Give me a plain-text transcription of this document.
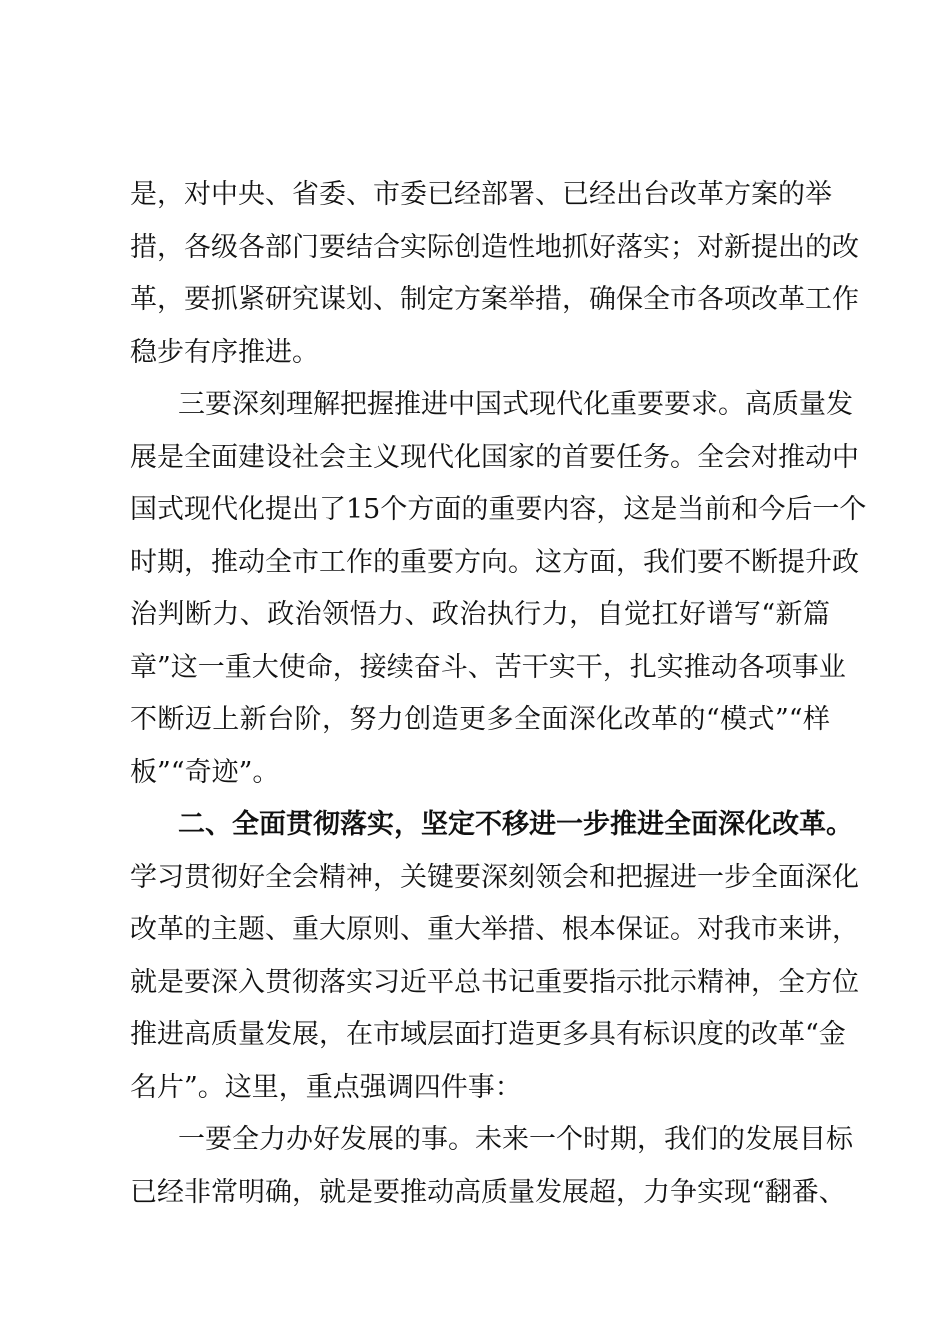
是，对中央、省委、市委已经部署、已经出台改革方案的举
措，各级各部门要结合实际创造性地抓好落实；对新提出的改
革，要抓紧研究谋划、制定方案举措，确保全市各项改革工作
稳步有序推进。
三要深刻理解把握推进中国式现代化重要要求。高质量发
展是全面建设社会主义现代化国家的首要任务。全会对推动中
国式现代化提出了15个方面的重要内容，这是当前和今后一个
时期，推动全市工作的重要方向。这方面，我们要不断提升政
治判断力、政治领悟力、政治执行力，自觉扛好谱写“新篇
章”这一重大使命，接续奋斗、苦干实干，扎实推动各项事业
不断迈上新台阶，努力创造更多全面深化改革的“模式”“样
板”“奇迹”。
二、全面贯彻落实，坚定不移进一步推进全面深化改革。
学习贯彻好全会精神，关键要深刻领会和把握进一步全面深化
改革的主题、重大原则、重大举措、根本保证。对我市来讲，
就是要深入贯彻落实习近平总书记重要指示批示精神，全方位
推进高质量发展，在市域层面打造更多具有标识度的改革“金
名片”。这里，重点强调四件事：
一要全力办好发展的事。未来一个时期，我们的发展目标
已经非常明确，就是要推动高质量发展超，力争实现“翻番、
